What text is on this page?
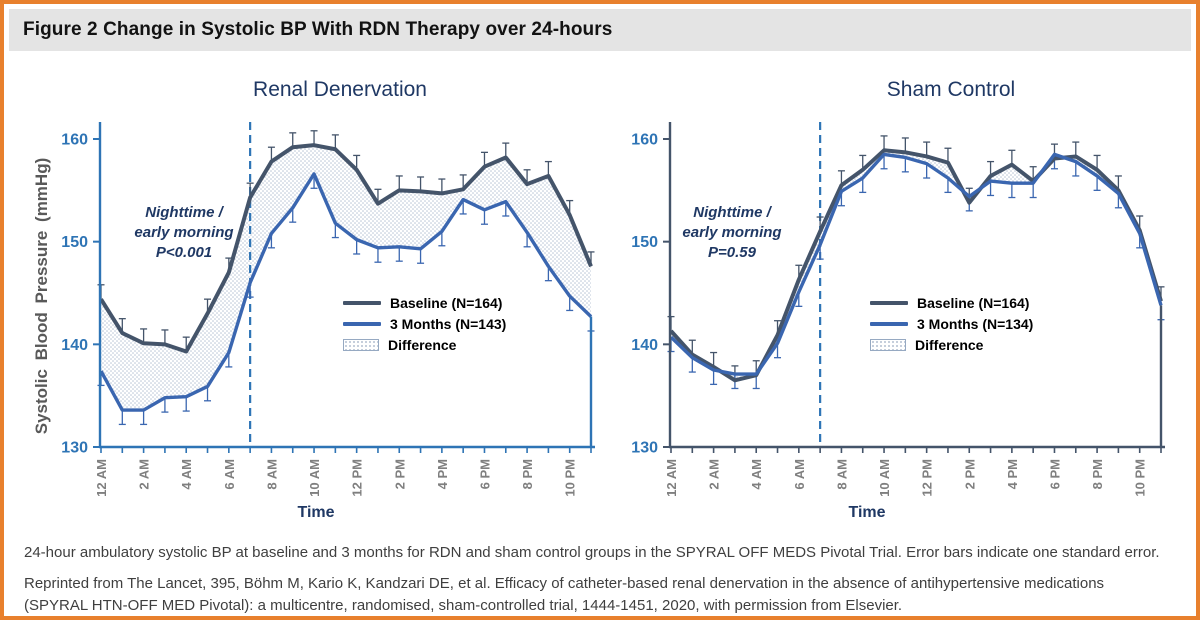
Figure 2 Change in Systolic BP With RDN Therapy over 24-hours
130
140
150
160
12 AM 2 AM 4 AM 6 AM 8 AM 10 AM 12 PM 2 PM 4 PM 6 PM 8 PM 10 PM
130
140
150
160
12 AM 2 AM 4 AM 6 AM 8 AM 10 AM 12 PM 2 PM 4 PM 6 PM 8 PM 10 PM
Renal Denervation	Sham Control
Systolic Blood Pressure (mmHg)	Nighttime /
early morning
P<0.001
Nighttime /
early morning
P=0.59
Baseline (N=164)
3 Months (N=143)
Difference
Baseline (N=164)
3 Months (N=134)
Difference
Time	Time
24-hour ambulatory systolic BP at baseline and 3 months for RDN and sham control groups in the SPYRAL OFF MEDS Pivotal Trial. Error bars indicate one standard error.
Reprinted from The Lancet, 395, Böhm M, Kario K, Kandzari DE, et al. Efficacy of catheter-based renal denervation in the absence of antihypertensive medications
(SPYRAL HTN-OFF MED Pivotal): a multicentre, randomised, sham-controlled trial, 1444-1451, 2020, with permission from Elsevier.
